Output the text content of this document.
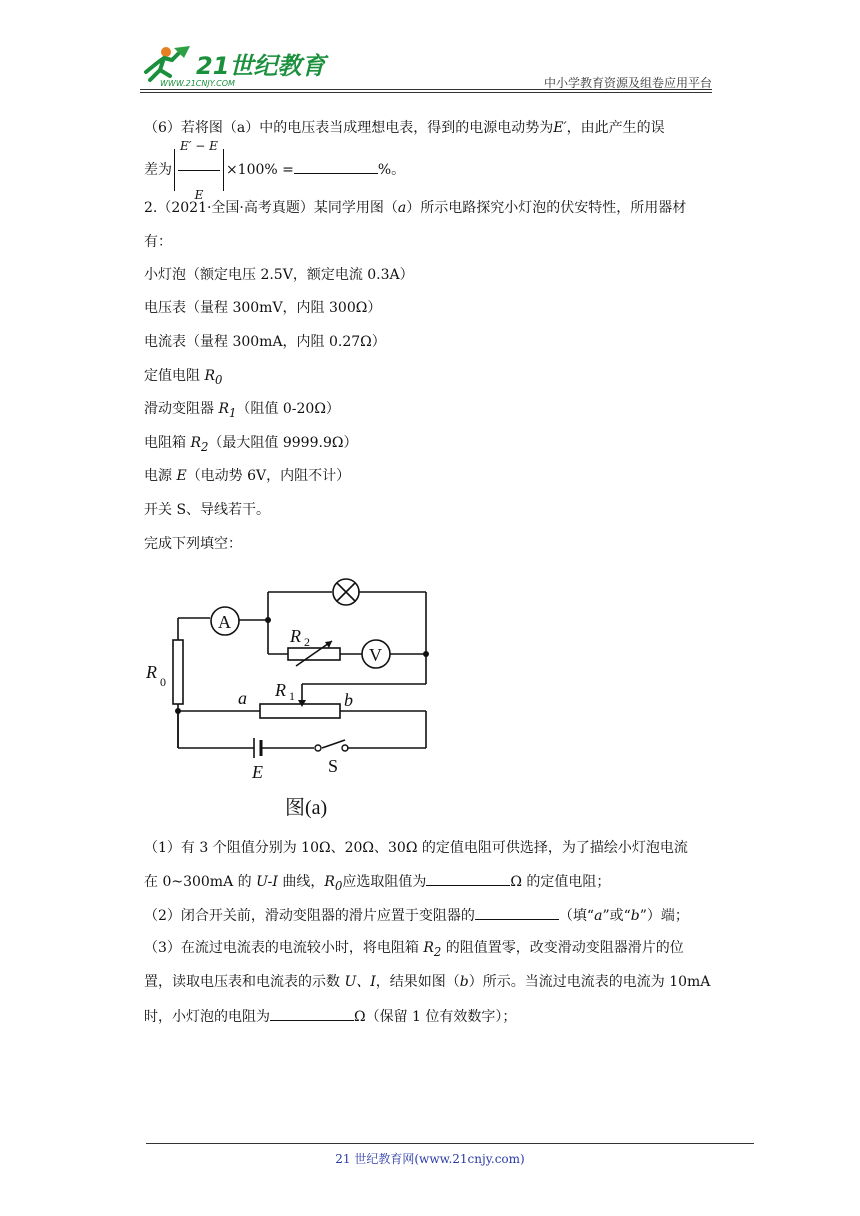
21世纪教育
WWW.21CNJY.COM	中小学教育资源及组卷应用平台
（6）若将图（a）中的电压表当成理想电表，得到的电源电动势为E′，由此产生的误
差为 $\frac{E' - E}{E} \times 100\%$ =	%。
2.（2021·全国·高考真题）某同学用图（a）所示电路探究小灯泡的伏安特性，所用器材
有：
小灯泡（额定电压 2.5V，额定电流 0.3A）
电压表（量程 300mV，内阻 300Ω）
电流表（量程 300mA，内阻 0.27Ω）
定值电阻 $R_0$
滑动变阻器 $R_1$（阻值 0-20Ω）
电阻箱 $R_2$（最大阻值 9999.9Ω）
电源 E（电动势 6V，内阻不计）
开关 S、导线若干。
完成下列填空：
A
V
R 0
R 2
R 1
a	b
E	S
图(a)
（1）有 3 个阻值分别为 10Ω、20Ω、30Ω 的定值电阻可供选择，为了描绘小灯泡电流
在 0~300mA 的 U-I 曲线，$R_0$应选取阻值为	Ω 的定值电阻；
（2）闭合开关前，滑动变阻器的滑片应置于变阻器的	（填“a”或“b”）端；
（3）在流过电流表的电流较小时，将电阻箱 $R_2$ 的阻值置零，改变滑动变阻器滑片的位
置，读取电压表和电流表的示数 U、I，结果如图（b）所示。当流过电流表的电流为 10mA
时，小灯泡的电阻为	Ω（保留 1 位有效数字）；
21 世纪教育网(www.21cnjy.com)
